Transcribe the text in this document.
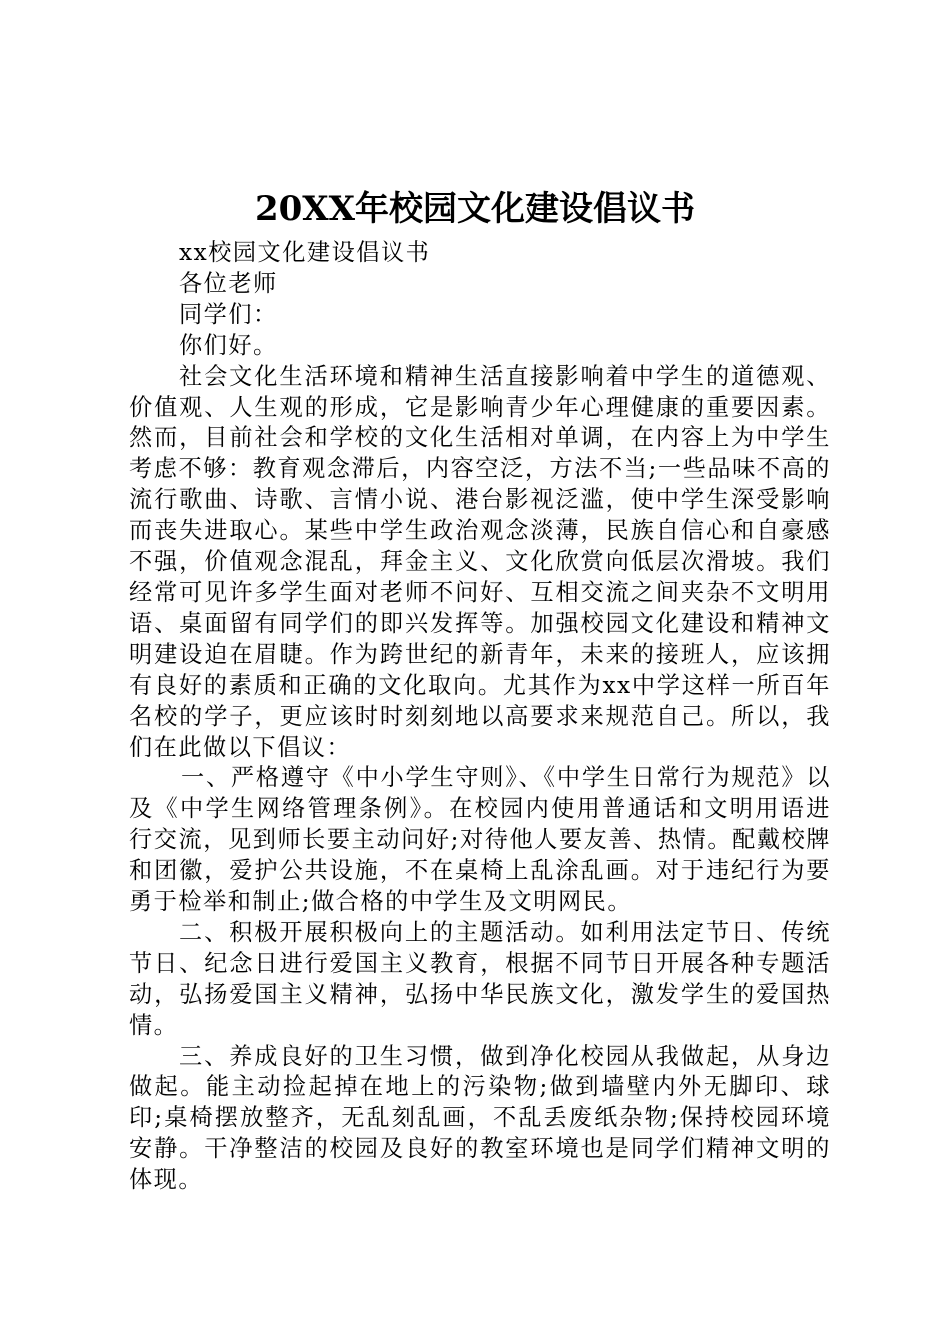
20XX年校园文化建设倡议书
xx校园文化建设倡议书
各位老师
同学们：
你们好。

社会文化生活环境和精神生活直接影响着中学生的道德观、价值观、人生观的形成，它是影响青少年心理健康的重要因素。然而，目前社会和学校的文化生活相对单调，在内容上为中学生考虑不够：教育观念滞后，内容空泛，方法不当;一些品味不高的流行歌曲、诗歌、言情小说、港台影视泛滥，使中学生深受影响而丧失进取心。某些中学生政治观念淡薄，民族自信心和自豪感不强，价值观念混乱，拜金主义、文化欣赏向低层次滑坡。我们经常可见许多学生面对老师不问好、互相交流之间夹杂不文明用语、桌面留有同学们的即兴发挥等。加强校园文化建设和精神文明建设迫在眉睫。作为跨世纪的新青年，未来的接班人，应该拥有良好的素质和正确的文化取向。尤其作为xx中学这样一所百年名校的学子，更应该时时刻刻地以高要求来规范自己。所以，我们在此做以下倡议：

一、严格遵守《中小学生守则》、《中学生日常行为规范》以及《中学生网络管理条例》。在校园内使用普通话和文明用语进行交流，见到师长要主动问好;对待他人要友善、热情。配戴校牌和团徽，爱护公共设施，不在桌椅上乱涂乱画。对于违纪行为要勇于检举和制止;做合格的中学生及文明网民。

二、积极开展积极向上的主题活动。如利用法定节日、传统节日、纪念日进行爱国主义教育，根据不同节日开展各种专题活动，弘扬爱国主义精神，弘扬中华民族文化，激发学生的爱国热情。

三、养成良好的卫生习惯，做到净化校园从我做起，从身边做起。能主动捡起掉在地上的污染物;做到墙壁内外无脚印、球印;桌椅摆放整齐，无乱刻乱画，不乱丢废纸杂物;保持校园环境安静。干净整洁的校园及良好的教室环境也是同学们精神文明的体现。
